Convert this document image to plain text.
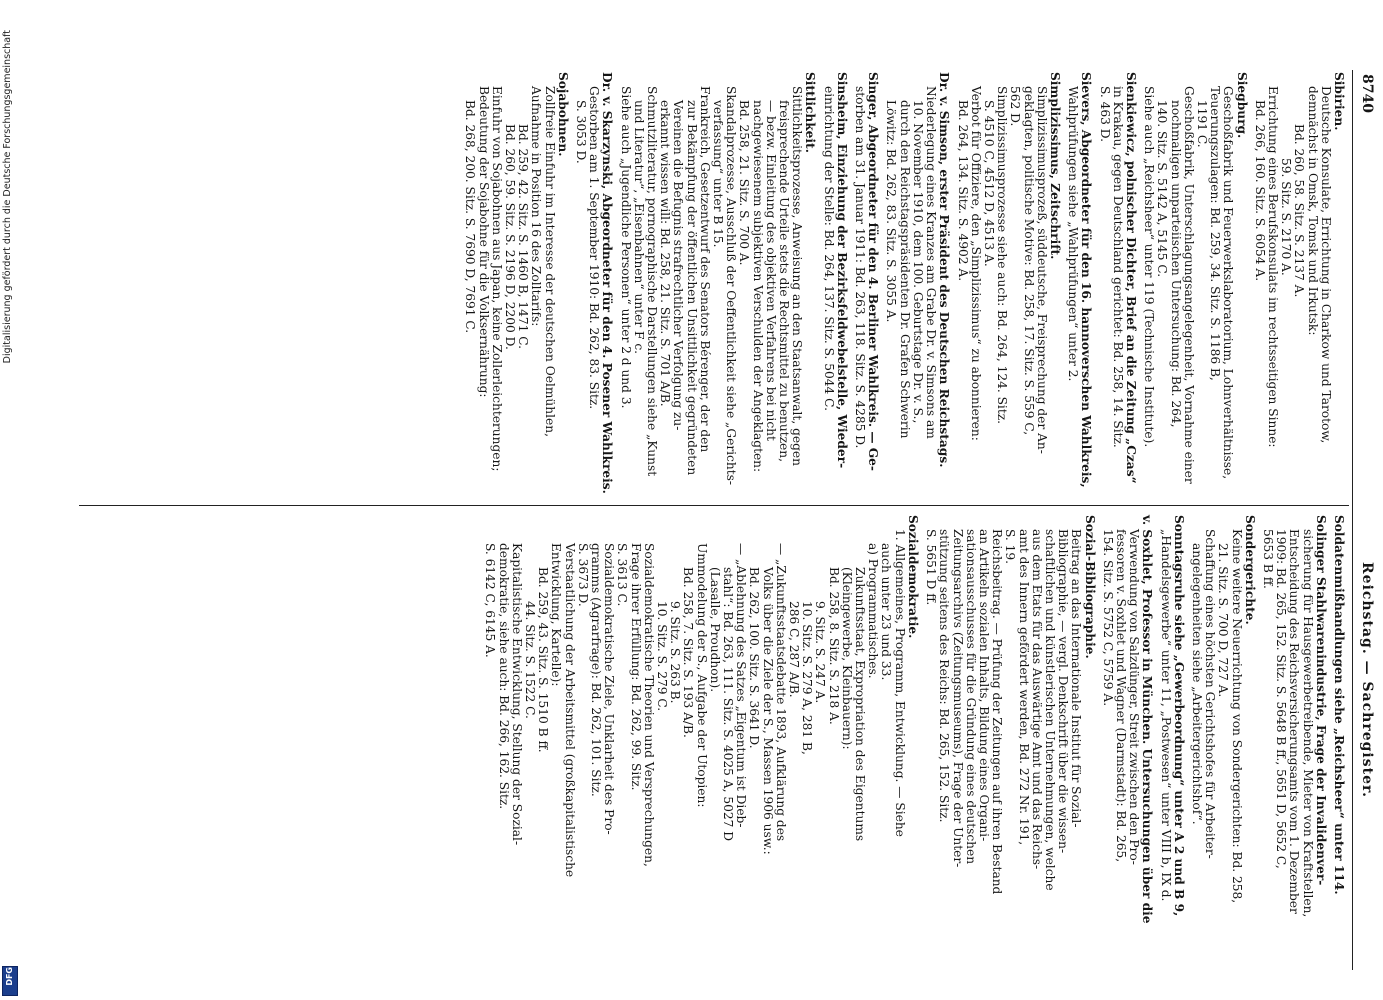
Digitalisierung gefördert durch die Deutsche Forschungsgemeinschaft
DFG
8740
Reichstag. — Sachregister.
Sibirien.
Deutsche Konsulate, Errichtung in Charkow und Tarotow,
demnächst in Omsk, Tomsk und Irkutsk:
Bd. 260, 58. Sitz. S. 2137 A.
59. Sitz. S. 2170 A.
Errichtung eines Berufskonsulats im rechtsseitigen Sinne:
Bd. 266, 160. Sitz. S. 6054 A.
Siegburg.
Geschoßfabrik und Feuerwerkslaboratorium, Lohnverhältnisse,
Teuerungszulagen: Bd. 259, 34. Sitz. S. 1186 B,
1191 C.
Geschoßfabrik, Unterschlagungsangelegenheit, Vornahme einer
nochmaligen unparteiischen Untersuchung: Bd. 264,
140. Sitz. S. 5142 A, 5145 C.
Siehe auch „Reichsheer“ unter 119 (Technische Institute).
Sienkiewicz, polnischer Dichter, Brief an die Zeitung „Czas“
in Krakau, gegen Deutschland gerichtet: Bd. 258, 14. Sitz.
S. 463 D.
Sievers, Abgeordneter für den 16. hannoverschen Wahlkreis,
Wahlprüfungen siehe „Wahlprüfungen“ unter 2.
Simplizissimus, Zeitschrift.
Simplizissimusprozeß, süddeutsche, Freisprechung der An-
geklagten, politische Motive: Bd. 258, 17. Sitz. S. 559 C,
562 D.
Simplizissimusprozesse siehe auch: Bd. 264, 124. Sitz.
S. 4510 C, 4512 D, 4513 A.
Verbot für Offiziere, den „Simplizissimus“ zu abonnieren:
Bd. 264, 134. Sitz. S. 4902 A.
Dr. v. Simson, erster Präsident des Deutschen Reichstags.
Niederlegung eines Kranzes am Grabe Dr. v. Simsons am
10. November 1910, dem 100. Geburtstage Dr. v. S.,
durch den Reichstagspräsidenten Dr. Grafen Schwerin
Löwitz: Bd. 262, 83. Sitz. S. 3055 A.
Singer, Abgeordneter für den 4. Berliner Wahlkreis. — Ge-
storben am 31. Januar 1911: Bd. 263, 118. Sitz. S. 4285 D.
Sinsheim, Einziehung der Bezirksfeldwebelstelle, Wieder-
einrichtung der Stelle: Bd. 264, 137. Sitz. S. 5044 C.
Sittlichkeit.
Sittlichkeitsprozesse, Anweisung an den Staatsanwalt, gegen
freisprechende Urteile stets die Rechtsmittel zu benutzen,
— bezw. Einleitung des objektiven Verfahrens bei nicht
nachgewiesenem subjektiven Verschulden der Angeklagten:
Bd. 258, 21. Sitz. S. 700 A.
Skandalprozesse, Ausschluß der Oeffentlichkeit siehe „Gerichts-
verfassung“ unter B 15.
Frankreich, Gesetzentwurf des Senators Bérenger, der den
zur Bekämpfung der öffentlichen Unsittlichkeit gegründeten
Vereinen die Befugnis strafrechtlicher Verfolgung zu-
erkannt wissen will: Bd. 258, 21. Sitz. S. 701 A/B.
Schmutzliteratur, pornographische Darstellungen siehe „Kunst
und Literatur“, „Eisenbahnen“ unter F c.
Siehe auch „Jugendliche Personen“ unter 2 d und 3.
Dr. v. Skarzynski, Abgeordneter für den 4. Posener Wahlkreis.
Gestorben am 1. September 1910: Bd. 262, 83. Sitz.
S. 3053 D.
Sojabohnen.
Zollfreie Einfuhr im Interesse der deutschen Oelmühlen,
Aufnahme in Position 16 des Zolltarifs:
Bd. 259, 42. Sitz. S. 1460 B, 1471 C.
Bd. 260, 59. Sitz. S. 2196 D, 2200 D.
Einfuhr von Sojabohnen aus Japan, keine Zollerleichterungen;
Bedeutung der Sojabohne für die Volksernährung:
Bd. 268, 200. Sitz. S. 7690 D, 7691 C.
Soldatenmißhandlungen siehe „Reichsheer“ unter 114.
Solinger Stahlwarenindustrie, Frage der Invalidenver-
sicherung für Hausgewerbetreibende, Mieter von Kraftstellen,
Entscheidung des Reichsversicherungsamts vom 1. Dezember
1909: Bd. 265, 152. Sitz. S. 5648 B ff., 5651 D, 5652 C,
5653 B ff.
Sondergerichte.
Keine weitere Neuerrichtung von Sondergerichten: Bd. 258,
21. Sitz. S. 700 D, 727 A.
Schaffung eines höchsten Gerichtshofes für Arbeiter-
angelegenheiten siehe „Arbeitergerichtshof“.
Sonntagsruhe siehe „Gewerbeordnung“ unter A 2 und B 9,
„Handelsgewerbe“ unter 11, „Postwesen“ unter VIII b, IX d.
v. Soxhlet, Professor in München. Untersuchungen über die
Verwendung von Salzdünger, Streit zwischen den Pro-
fessoren v. Soxhlet und Wagner (Darmstadt): Bd. 265,
154. Sitz. S. 5752 C, 5759 A.
Sozial-Bibliographie.
Beitrag an das Internationale Institut für Sozial-
Bibliographie, — vergl. Denkschrift über die wissen-
schaftlichen und künstlerischen Unternehmungen, welche
aus dem Etats für das Auswärtige Amt und das Reichs-
amt des Innern gefördert werden, Bd. 272 Nr. 191,
S. 19.
Reichsbeitrag. — Prüfung der Zeitungen auf ihren Bestand
an Artikeln sozialen Inhalts, Bildung eines Organi-
sationsausschusses für die Gründung eines deutschen
Zeitungsarchivs (Zeitungsmuseums), Frage der Unter-
stützung seitens des Reichs: Bd. 265, 152. Sitz.
S. 5651 D ff.
Sozialdemokratie.
1. Allgemeines, Programm, Entwicklung. — Siehe
auch unter 23 und 33.
a) Programmatisches.
Zukunftsstaat, Expropriation des Eigentums
(Kleingewerbe, Kleinbauern):
Bd. 258, 8. Sitz. S. 218 A.
9. Sitz. S. 247 A.
10. Sitz. S. 279 A, 281 B,
286 C, 287 A/B.
— „Zukunftsstaatsdebatte 1893, Aufklärung des
Volks über die Ziele der S., Massen 1906 usw.:
Bd. 262, 100. Sitz. S. 3641 D.
— „Ablehnung des Satzes „Eigentum ist Dieb-
stahl“: Bd. 263, 111. Sitz. S. 4025 A, 5027 D
(Lasalle, Proudhon).
Ummodelung der S., Aufgabe der Utopien:
Bd. 258, 7. Sitz. S. 193 A/B.
9. Sitz. S. 263 B.
10. Sitz. S. 279 C.
Sozialdemokratische Theorien und Versprechungen,
Frage ihrer Erfüllung: Bd. 262, 99. Sitz.
S. 3613 C.
Sozialdemokratische Ziele, Unklarheit des Pro-
gramms (Agrarfrage): Bd. 262, 101. Sitz.
S. 3673 D.
Verstaatlichung der Arbeitsmittel (großkapitalistische
Entwicklung, Kartelle):
Bd. 259, 43. Sitz. S. 1510 B ff.
44. Sitz. S. 1522 C.
Kapitalistische Entwicklung, Stellung der Sozial-
demokratie, siehe auch: Bd. 266, 162. Sitz.
S. 6142 C, 6145 A.
